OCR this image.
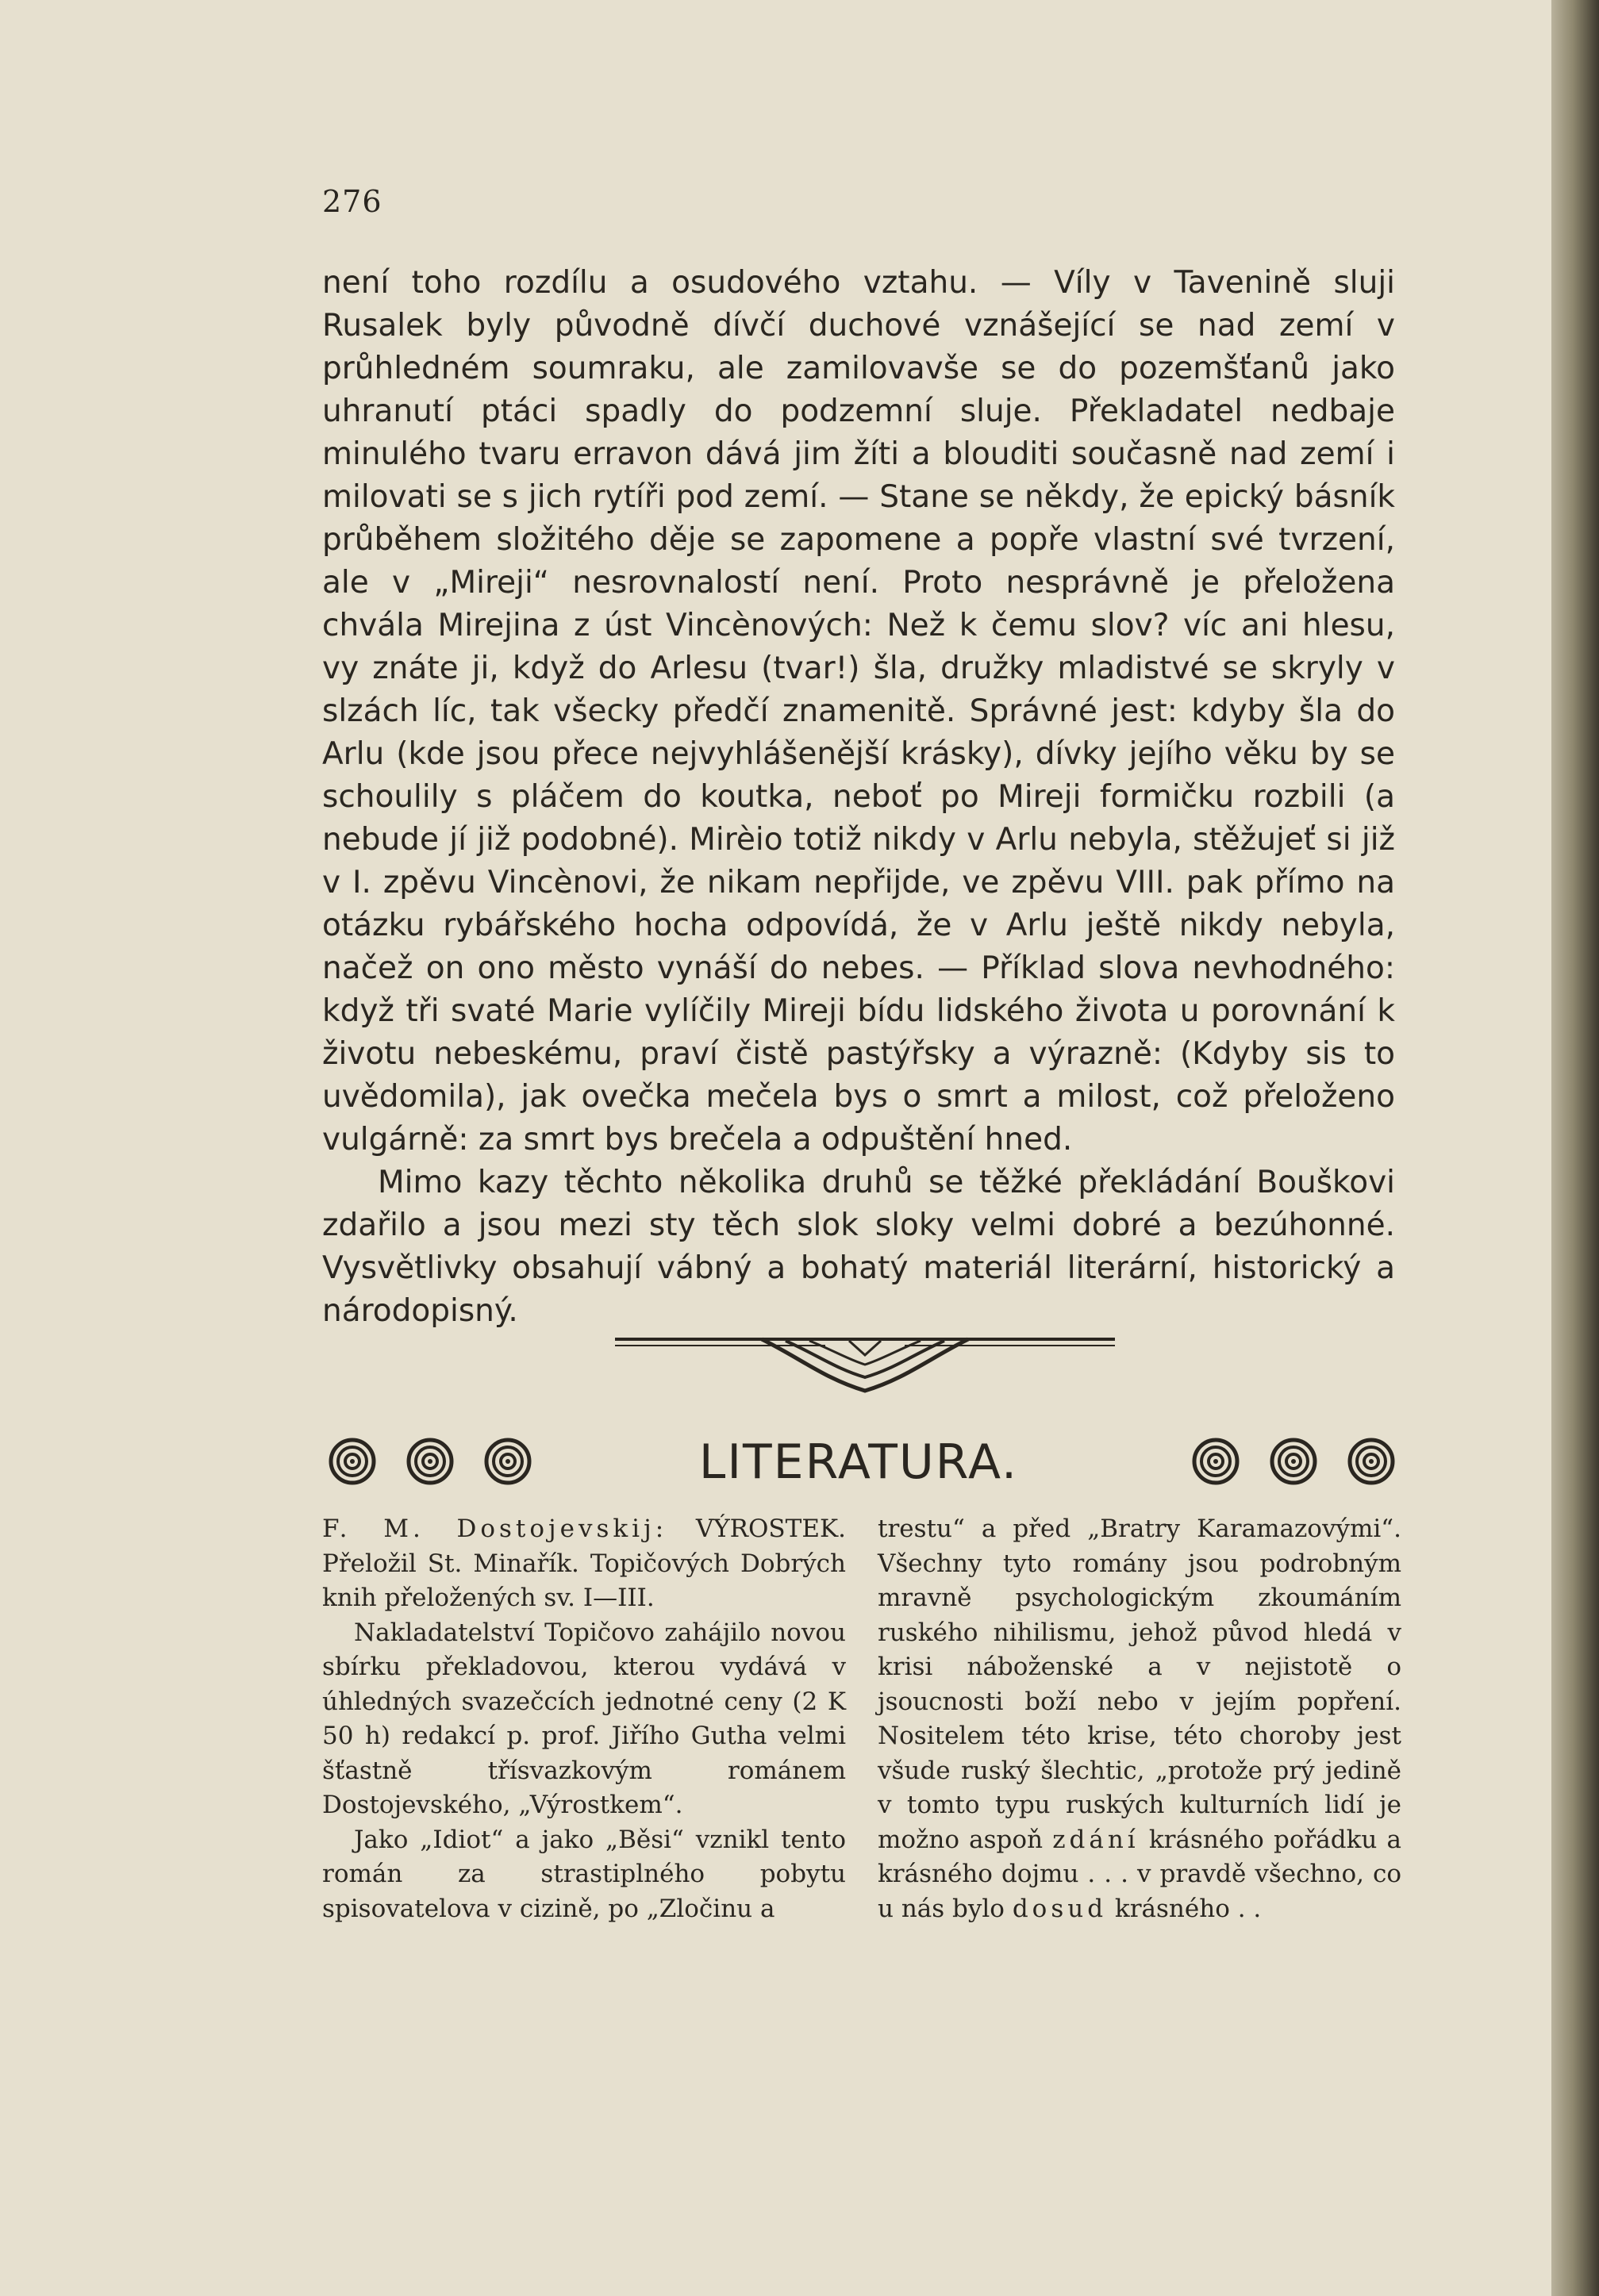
276

není toho rozdílu a osudového vztahu. — Víly v Tavenině sluji Rusalek byly původně dívčí duchové vznášející se nad zemí v průhledném soumraku, ale zamilovavše se do pozemšťanů jako uhranutí ptáci spadly do podzemní sluje. Překladatel nedbaje minulého tvaru erravon dává jim žíti a blouditi současně nad zemí i milovati se s jich rytíři pod zemí. — Stane se někdy, že epický básník průběhem složitého děje se zapomene a popře vlastní své tvrzení, ale v „Mireji“ nesrovnalostí není. Proto nesprávně je přeložena chvála Mirejina z úst Vincènových: Než k čemu slov? víc ani hlesu, vy znáte ji, když do Arlesu (tvar!) šla, družky mladistvé se skryly v slzách líc, tak všecky předčí znamenitě. Správné jest: kdyby šla do Arlu (kde jsou přece nejvyhlášenější krásky), dívky jejího věku by se schoulily s pláčem do koutka, neboť po Mireji formičku rozbili (a nebude jí již podobné). Mirèio totiž nikdy v Arlu nebyla, stěžujeť si již v I. zpěvu Vincènovi, že nikam nepřijde, ve zpěvu VIII. pak přímo na otázku rybářského hocha odpovídá, že v Arlu ještě nikdy nebyla, načež on ono město vynáší do nebes. — Příklad slova nevhodného: když tři svaté Marie vylíčily Mireji bídu lidského života u porovnání k životu nebeskému, praví čistě pastýřsky a výrazně: (Kdyby sis to uvědomila), jak ovečka mečela bys o smrt a milost, což přeloženo vulgárně: za smrt bys brečela a odpuštění hned.

Mimo kazy těchto několika druhů se těžké překládání Bouškovi zdařilo a jsou mezi sty těch slok sloky velmi dobré a bezúhonné. Vysvětlivky obsahují vábný a bohatý materiál literární, historický a národopisný.

LITERATURA.

F. M. Dostojevskij: VÝROSTEK. Přeložil St. Minařík. Topičových Dobrých knih přeložených sv. I—III.

Nakladatelství Topičovo zahájilo novou sbírku překladovou, kterou vydává v úhledných svazečcích jednotné ceny (2 K 50 h) redakcí p. prof. Jiřího Gutha velmi šťastně třísvazkovým románem Dostojevského, „Výrostkem“.

Jako „Idiot“ a jako „Běsi“ vznikl tento román za strastiplného pobytu spisovatelova v cizině, po „Zločinu a

trestu“ a před „Bratry Karamazovými“. Všechny tyto romány jsou podrobným mravně psychologickým zkoumáním ruského nihilismu, jehož původ hledá v krisi náboženské a v nejistotě o jsoucnosti boží nebo v jejím popření. Nositelem této krise, této choroby jest všude ruský šlechtic, „protože prý jedině v tomto typu ruských kulturních lidí je možno aspoň zdání krásného pořádku a krásného dojmu . . . v pravdě všechno, co u nás bylo dosud krásného . .
